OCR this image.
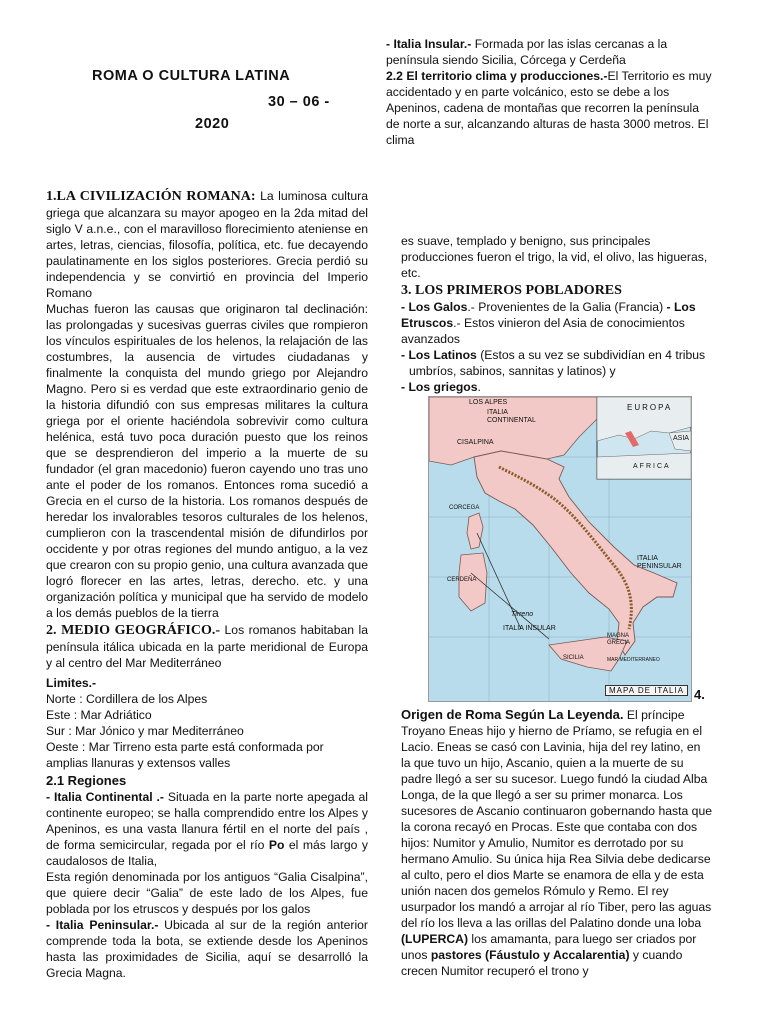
ROMA O CULTURA LATINA
30 – 06 -
2020

1.LA CIVILIZACIÓN ROMANA: La luminosa cultura griega que alcanzara su mayor apogeo en la 2da mitad del siglo V a.n.e., con el maravilloso florecimiento ateniense en artes, letras, ciencias, filosofía, política, etc. fue decayendo paulatinamente en los siglos posteriores. Grecia perdió su independencia y se convirtió en provincia del Imperio Romano

Muchas fueron las causas que originaron tal declinación: las prolongadas y sucesivas guerras civiles que rompieron los vínculos espirituales de los helenos, la relajación de las costumbres, la ausencia de virtudes ciudadanas y finalmente la conquista del mundo griego por Alejandro Magno. Pero si es verdad que este extraordinario genio de la historia difundió con sus empresas militares la cultura griega por el oriente haciéndola sobrevivir como cultura helénica, está tuvo poca duración puesto que los reinos que se desprendieron del imperio a la muerte de su fundador (el gran macedonio) fueron cayendo uno tras uno ante el poder de los romanos. Entonces roma sucedió a Grecia en el curso de la historia. Los romanos después de heredar los invalorables tesoros culturales de los helenos, cumplieron con la trascendental misión de difundirlos por occidente y por otras regiones del mundo antiguo, a la vez que crearon con su propio genio, una cultura avanzada que logró florecer en las artes, letras, derecho. etc. y una organización política y municipal que ha servido de modelo a los demás pueblos de la tierra

2. MEDIO GEOGRÁFICO.- Los romanos habitaban la península itálica ubicada en la parte meridional de Europa y al centro del Mar Mediterráneo

Limites.-

Norte : Cordillera de los Alpes

Este : Mar Adriático

Sur : Mar Jónico y mar Mediterráneo

Oeste : Mar Tirreno esta parte está conformada por amplias llanuras y extensos valles

2.1 Regiones

- Italia Continental .- Situada en la parte norte apegada al continente europeo; se halla comprendido entre los Alpes y Apeninos, es una vasta llanura fértil en el norte del país , de forma semicircular, regada por el río Po el más largo y caudalosos de Italia,

Esta región denominada por los antiguos “Galia Cisalpina”, que quiere decir “Galia” de este lado de los Alpes, fue poblada por los etruscos y después por los galos

- Italia Peninsular.- Ubicada al sur de la región anterior comprende toda la bota, se extiende desde los Apeninos hasta las proximidades de Sicilia, aquí se desarrolló la Grecia Magna.

- Italia Insular.- Formada por las islas cercanas a la península siendo Sicilia, Córcega y Cerdeña

2.2 El territorio clima y producciones.-El Territorio es muy accidentado y en parte volcánico, esto se debe a los Apeninos, cadena de montañas que recorren la península de norte a sur, alcanzando alturas de hasta 3000 metros. El clima

es suave, templado y benigno, sus principales producciones fueron el trigo, la vid, el olivo, las higueras, etc.

3. LOS PRIMEROS POBLADORES

- Los Galos.- Provenientes de la Galia (Francia) - Los Etruscos.- Estos vinieron del Asia de conocimientos avanzados

- Los Latinos (Estos a su vez se subdividían en 4 tribus umbríos, sabinos, sannitas y latinos) y

- Los griegos.

EUROPA
ASIA
AFRICA
LOS ALPES
ITALIA CONTINENTAL
CISALPINA
ITALIA PENINSULAR
ITALIA INSULAR
Tirreno
CORCEGA
CERDEÑA
SICILIA
MAGNA GRECIA
MAR MEDITERRANEO
MAPA DE ITALIA 4.

Origen de Roma Según La Leyenda. El príncipe Troyano Eneas hijo y hierno de Príamo, se refugia en el Lacio. Eneas se casó con Lavinia, hija del rey latino, en la que tuvo un hijo, Ascanio, quien a la muerte de su padre llegó a ser su sucesor. Luego fundó la ciudad Alba Longa, de la que llegó a ser su primer monarca. Los sucesores de Ascanio continuaron gobernando hasta que la corona recayó en Procas. Este que contaba con dos hijos: Numitor y Amulio, Numitor es derrotado por su hermano Amulio. Su única hija Rea Silvia debe dedicarse al culto, pero el dios Marte se enamora de ella y de esta unión nacen dos gemelos Rómulo y Remo. El rey usurpador los mandó a arrojar al río Tiber, pero las aguas del río los lleva a las orillas del Palatino donde una loba (LUPERCA) los amamanta, para luego ser criados por unos pastores (Fáustulo y Accalarentia) y cuando crecen Numitor recuperó el trono y
